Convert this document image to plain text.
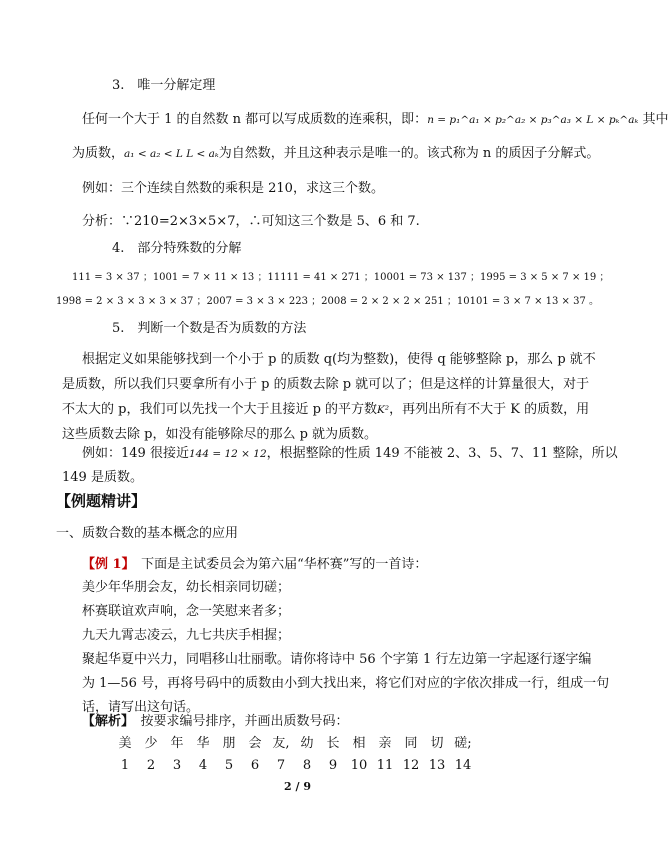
3.　唯一分解定理
任何一个大于 1 的自然数 n 都可以写成质数的连乘积，即：n = p₁^a₁ × p₂^a₂ × p₃^a₃ × L × pₖ^aₖ 其中
为质数，a₁ < a₂ < L L < aₖ为自然数，并且这种表示是唯一的。该式称为 n 的质因子分解式。
例如：三个连续自然数的乘积是 210，求这三个数。
分析：∵210=2×3×5×7，∴可知这三个数是 5、6 和 7.
4.　部分特殊数的分解
111 = 3 × 37 ；1001 = 7 × 11 × 13 ；11111 = 41 × 271 ；10001 = 73 × 137 ；1995 = 3 × 5 × 7 × 19 ；
1998 = 2 × 3 × 3 × 3 × 37 ；2007 = 3 × 3 × 223 ；2008 = 2 × 2 × 2 × 251 ；10101 = 3 × 7 × 13 × 37 。
5.　判断一个数是否为质数的方法
根据定义如果能够找到一个小于 p 的质数 q(均为整数)，使得 q 能够整除 p，那么 p 就不
是质数，所以我们只要拿所有小于 p 的质数去除 p 就可以了；但是这样的计算量很大，对于
不太大的 p，我们可以先找一个大于且接近 p 的平方数K²，再列出所有不大于 K 的质数，用
这些质数去除 p，如没有能够除尽的那么 p 就为质数。
例如：149 很接近144 = 12 × 12，根据整除的性质 149 不能被 2、3、5、7、11 整除，所以
149 是质数。
【例题精讲】
一、质数合数的基本概念的应用
【例 1】　下面是主试委员会为第六届“华杯赛”写的一首诗：
美少年华朋会友，幼长相亲同切磋；
杯赛联谊欢声响，念一笑慰来者多；
九天九霄志凌云，九七共庆手相握；
聚起华夏中兴力，同唱移山壮丽歌。请你将诗中 56 个字第 1 行左边第一字起逐行逐字编
为 1—56 号，再将号码中的质数由小到大找出来，将它们对应的字依次排成一行，组成一句
话，请写出这句话。
【解析】　按要求编号排序，并画出质数号码：
美 少 年 华 朋 会 友, 幼 长 相 亲 同 切 磋;
1 2 3 4 5 6 7 8 9 10 11 12 13 14
2 / 9
